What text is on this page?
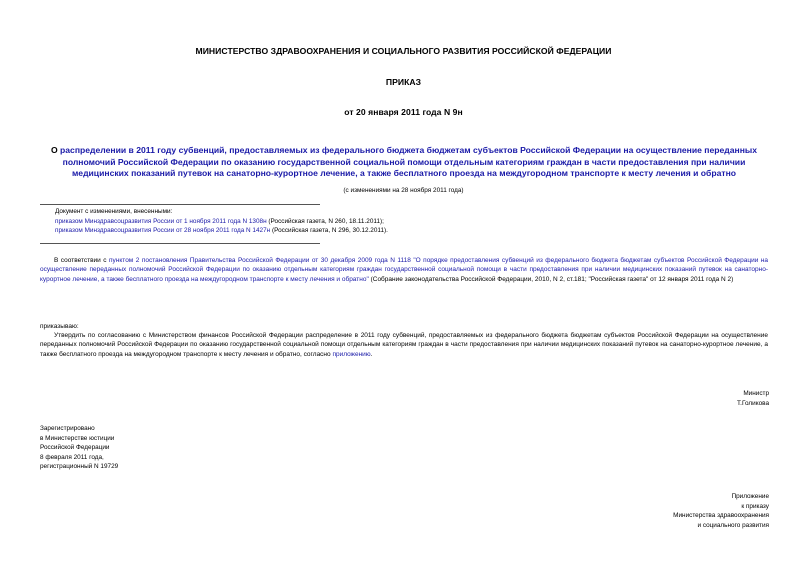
МИНИСТЕРСТВО ЗДРАВООХРАНЕНИЯ И СОЦИАЛЬНОГО РАЗВИТИЯ РОССИЙСКОЙ ФЕДЕРАЦИИ
ПРИКАЗ
от 20 января 2011 года N 9н
О распределении в 2011 году субвенций, предоставляемых из федерального бюджета бюджетам субъектов Российской Федерации на осуществление переданных полномочий Российской Федерации по оказанию государственной социальной помощи отдельным категориям граждан в части предоставления при наличии медицинских показаний путевок на санаторно-курортное лечение, а также бесплатного проезда на междугородном транспорте к месту лечения и обратно
(с изменениями на 28 ноября 2011 года)
Документ с изменениями, внесенными:
приказом Минздравсоцразвития России от 1 ноября 2011 года N 1308н (Российская газета, N 260, 18.11.2011);
приказом Минздравсоцразвития России от 28 ноября 2011 года N 1427н (Российская газета, N 296, 30.12.2011).
В соответствии с пунктом 2 постановления Правительства Российской Федерации от 30 декабря 2009 года N 1118 "О порядке предоставления субвенций из федерального бюджета бюджетам субъектов Российской Федерации на осуществление переданных полномочий Российской Федерации по оказанию отдельным категориям граждан государственной социальной помощи в части предоставления при наличии медицинских показаний путевок на санаторно-курортное лечение, а также бесплатного проезда на междугородном транспорте к месту лечения и обратно" (Собрание законодательства Российской Федерации, 2010, N 2, ст.181; "Российская газета" от 12 января 2011 года N 2)
приказываю:
Утвердить по согласованию с Министерством финансов Российской Федерации распределение в 2011 году субвенций, предоставляемых из федерального бюджета бюджетам субъектов Российской Федерации на осуществление переданных полномочий Российской Федерации по оказанию государственной социальной помощи отдельным категориям граждан в части предоставления при наличии медицинских показаний путевок на санаторно-курортное лечение, а также бесплатного проезда на междугородном транспорте к месту лечения и обратно, согласно приложению.
Министр
Т.Голикова
Зарегистрировано
в Министерстве юстиции
Российской Федерации
8 февраля 2011 года,
регистрационный N 19729
Приложение
к приказу
Министерства здравоохранения
и социального развития
